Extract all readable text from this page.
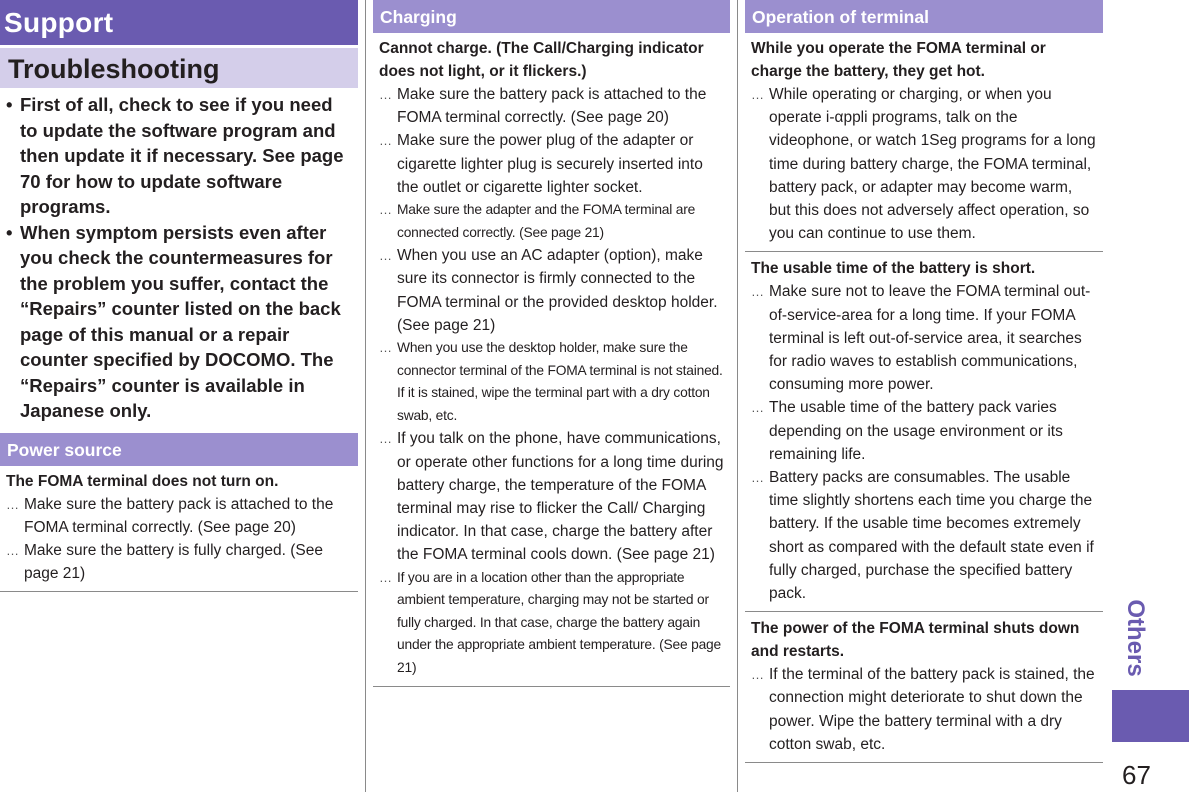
Support
Troubleshooting
• First of all, check to see if you need to update the software program and then update it if necessary. See page 70 for how to update software programs.
• When symptom persists even after you check the countermeasures for the problem you suffer, contact the “Repairs” counter listed on the back page of this manual or a repair counter specified by DOCOMO. The “Repairs” counter is available in Japanese only.
Power source
The FOMA terminal does not turn on.
… Make sure the battery pack is attached to the FOMA terminal correctly. (See page 20)
… Make sure the battery is fully charged. (See page 21)
Charging
Cannot charge. (The Call/Charging indicator does not light, or it flickers.)
… Make sure the battery pack is attached to the FOMA terminal correctly. (See page 20)
… Make sure the power plug of the adapter or cigarette lighter plug is securely inserted into the outlet or cigarette lighter socket.
… Make sure the adapter and the FOMA terminal are connected correctly. (See page 21)
… When you use an AC adapter (option), make sure its connector is firmly connected to the FOMA terminal or the provided desktop holder. (See page 21)
… When you use the desktop holder, make sure the connector terminal of the FOMA terminal is not stained. If it is stained, wipe the terminal part with a dry cotton swab, etc.
… If you talk on the phone, have communications, or operate other functions for a long time during battery charge, the temperature of the FOMA terminal may rise to flicker the Call/ Charging indicator. In that case, charge the battery after the FOMA terminal cools down. (See page 21)
… If you are in a location other than the appropriate ambient temperature, charging may not be started or fully charged. In that case, charge the battery again under the appropriate ambient temperature. (See page 21)
Operation of terminal
While you operate the FOMA terminal or charge the battery, they get hot.
… While operating or charging, or when you operate i-αppli programs, talk on the videophone, or watch 1Seg programs for a long time during battery charge, the FOMA terminal, battery pack, or adapter may become warm, but this does not adversely affect operation, so you can continue to use them.
The usable time of the battery is short.
… Make sure not to leave the FOMA terminal out-of-service-area for a long time. If your FOMA terminal is left out-of-service area, it searches for radio waves to establish communications, consuming more power.
… The usable time of the battery pack varies depending on the usage environment or its remaining life.
… Battery packs are consumables. The usable time slightly shortens each time you charge the battery. If the usable time becomes extremely short as compared with the default state even if fully charged, purchase the specified battery pack.
The power of the FOMA terminal shuts down and restarts.
… If the terminal of the battery pack is stained, the connection might deteriorate to shut down the power. Wipe the battery terminal with a dry cotton swab, etc.
Others
67
